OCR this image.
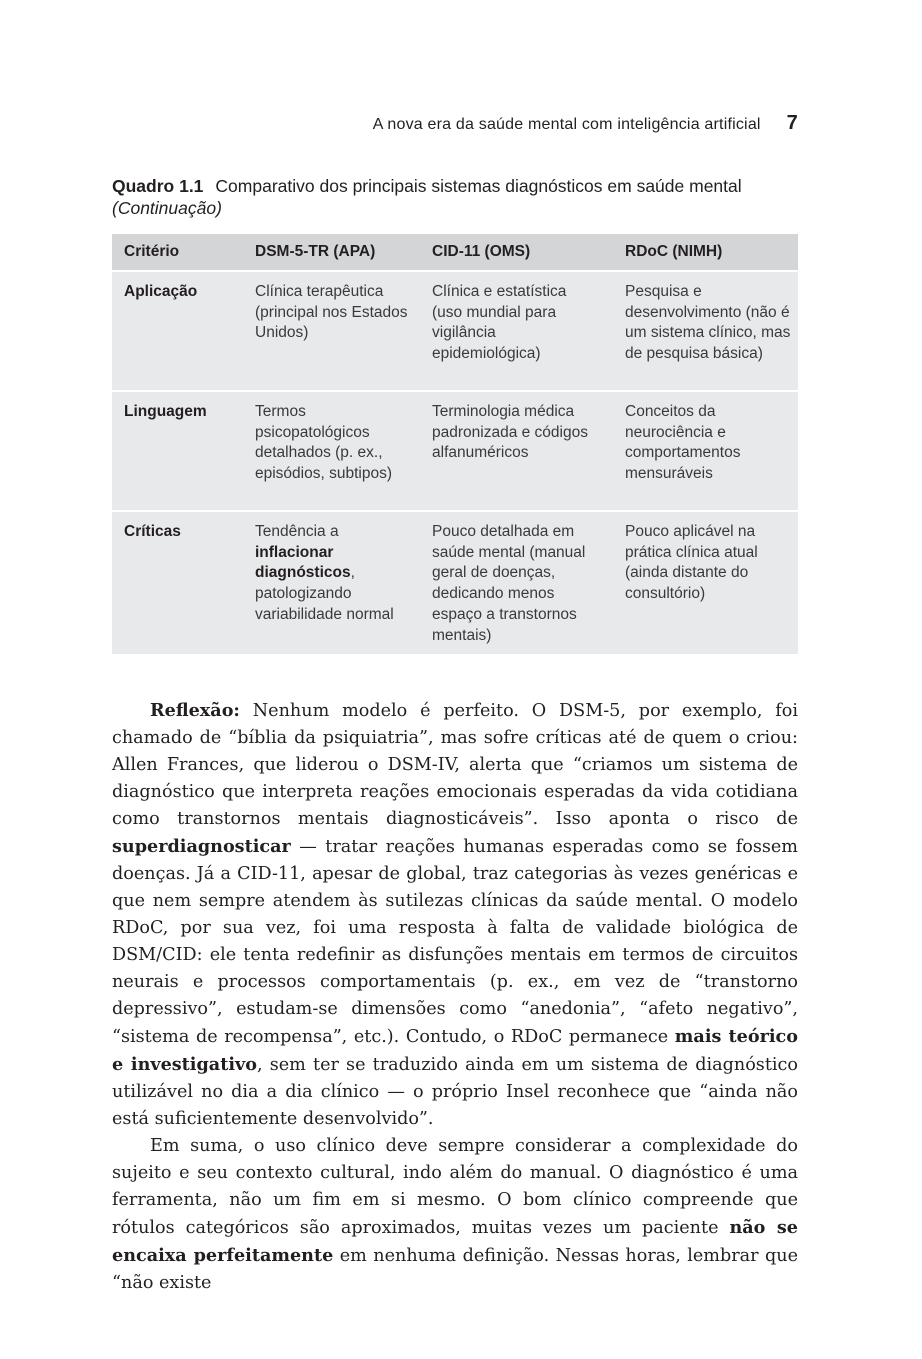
A nova era da saúde mental com inteligência artificial 7
Quadro 1.1 Comparativo dos principais sistemas diagnósticos em saúde mental (Continuação)
Critério	DSM-5-TR (APA)	CID-11 (OMS)	RDoC (NIMH)
Aplicação	Clínica terapêutica (principal nos Estados Unidos)	Clínica e estatística (uso mundial para vigilância epidemiológica)	Pesquisa e desenvolvimento (não é um sistema clínico, mas de pesquisa básica)
Linguagem	Termos psicopatológicos detalhados (p. ex., episódios, subtipos)	Terminologia médica padronizada e códigos alfanuméricos	Conceitos da neurociência e comportamentos mensuráveis
Críticas	Tendência a inflacionar diagnósticos, patologizando variabilidade normal	Pouco detalhada em saúde mental (manual geral de doenças, dedicando menos espaço a transtornos mentais)	Pouco aplicável na prática clínica atual (ainda distante do consultório)

Reflexão: Nenhum modelo é perfeito. O DSM-5, por exemplo, foi chamado de “bíblia da psiquiatria”, mas sofre críticas até de quem o criou: Allen Frances, que liderou o DSM-IV, alerta que “criamos um sistema de diagnóstico que interpreta reações emocionais esperadas da vida cotidiana como transtornos mentais diagnosticáveis”. Isso aponta o risco de superdiagnosticar — tratar reações humanas esperadas como se fossem doenças. Já a CID-11, apesar de global, traz categorias às vezes genéricas e que nem sempre atendem às sutilezas clínicas da saúde mental. O modelo RDoC, por sua vez, foi uma resposta à falta de validade biológica de DSM/CID: ele tenta redefinir as disfunções mentais em termos de circuitos neurais e processos comportamentais (p. ex., em vez de “transtorno depressivo”, estudam-se dimensões como “anedonia”, “afeto negativo”, “sistema de recompensa”, etc.). Contudo, o RDoC permanece mais teórico e investigativo, sem ter se traduzido ainda em um sistema de diagnóstico utilizável no dia a dia clínico — o próprio Insel reconhece que “ainda não está suficientemente desenvolvido”.

Em suma, o uso clínico deve sempre considerar a complexidade do sujeito e seu contexto cultural, indo além do manual. O diagnóstico é uma ferramenta, não um fim em si mesmo. O bom clínico compreende que rótulos categóricos são aproximados, muitas vezes um paciente não se encaixa perfeitamente em nenhuma definição. Nessas horas, lembrar que “não existe
